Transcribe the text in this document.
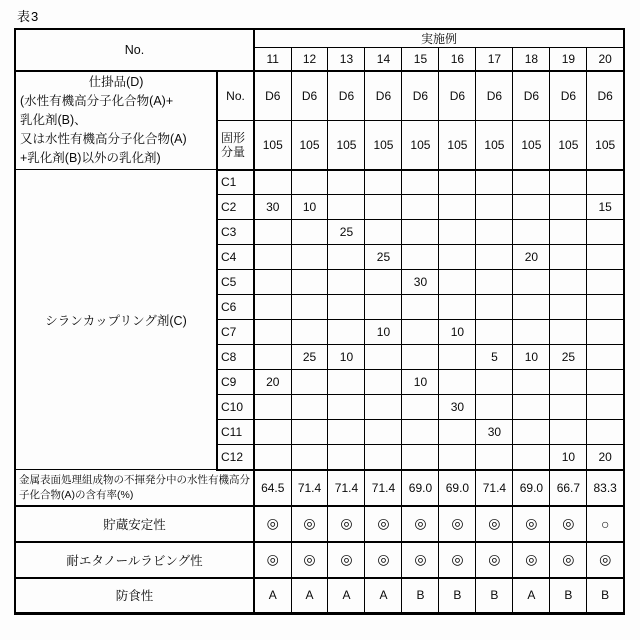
表3
No.		実施例									
		11	12	13	14	15	16	17	18	19	20

仕掛品(D)
(水性有機高分子化合物(A)+
乳化剤(B)、
又は水性有機高分子化合物(A)
+乳化剤(B)以外の乳化剤)	No.	D6	D6	D6	D6	D6	D6	D6	D6	D6	D6
	固形分量	105	105	105	105	105	105	105	105	105	105
シランカップリング剤(C)	C1										
	C2	30	10								15
	C3			25							
	C4				25				20		
	C5					30					
	C6										
	C7				10		10				
	C8		25	10				5	10	25	
	C9	20				10					
	C10						30				
	C11							30			
	C12									10	20
金属表面処理組成物の不揮発分中の水性有機高分子化合物(A)の含有率(%)		64.5	71.4	71.4	71.4	69.0	69.0	71.4	69.0	66.7	83.3
貯蔵安定性		◎	◎	◎	◎	◎	◎	◎	◎	◎	○
耐エタノールラビング性		◎	◎	◎	◎	◎	◎	◎	◎	◎	◎
防食性		A	A	A	A	B	B	B	A	B	B
